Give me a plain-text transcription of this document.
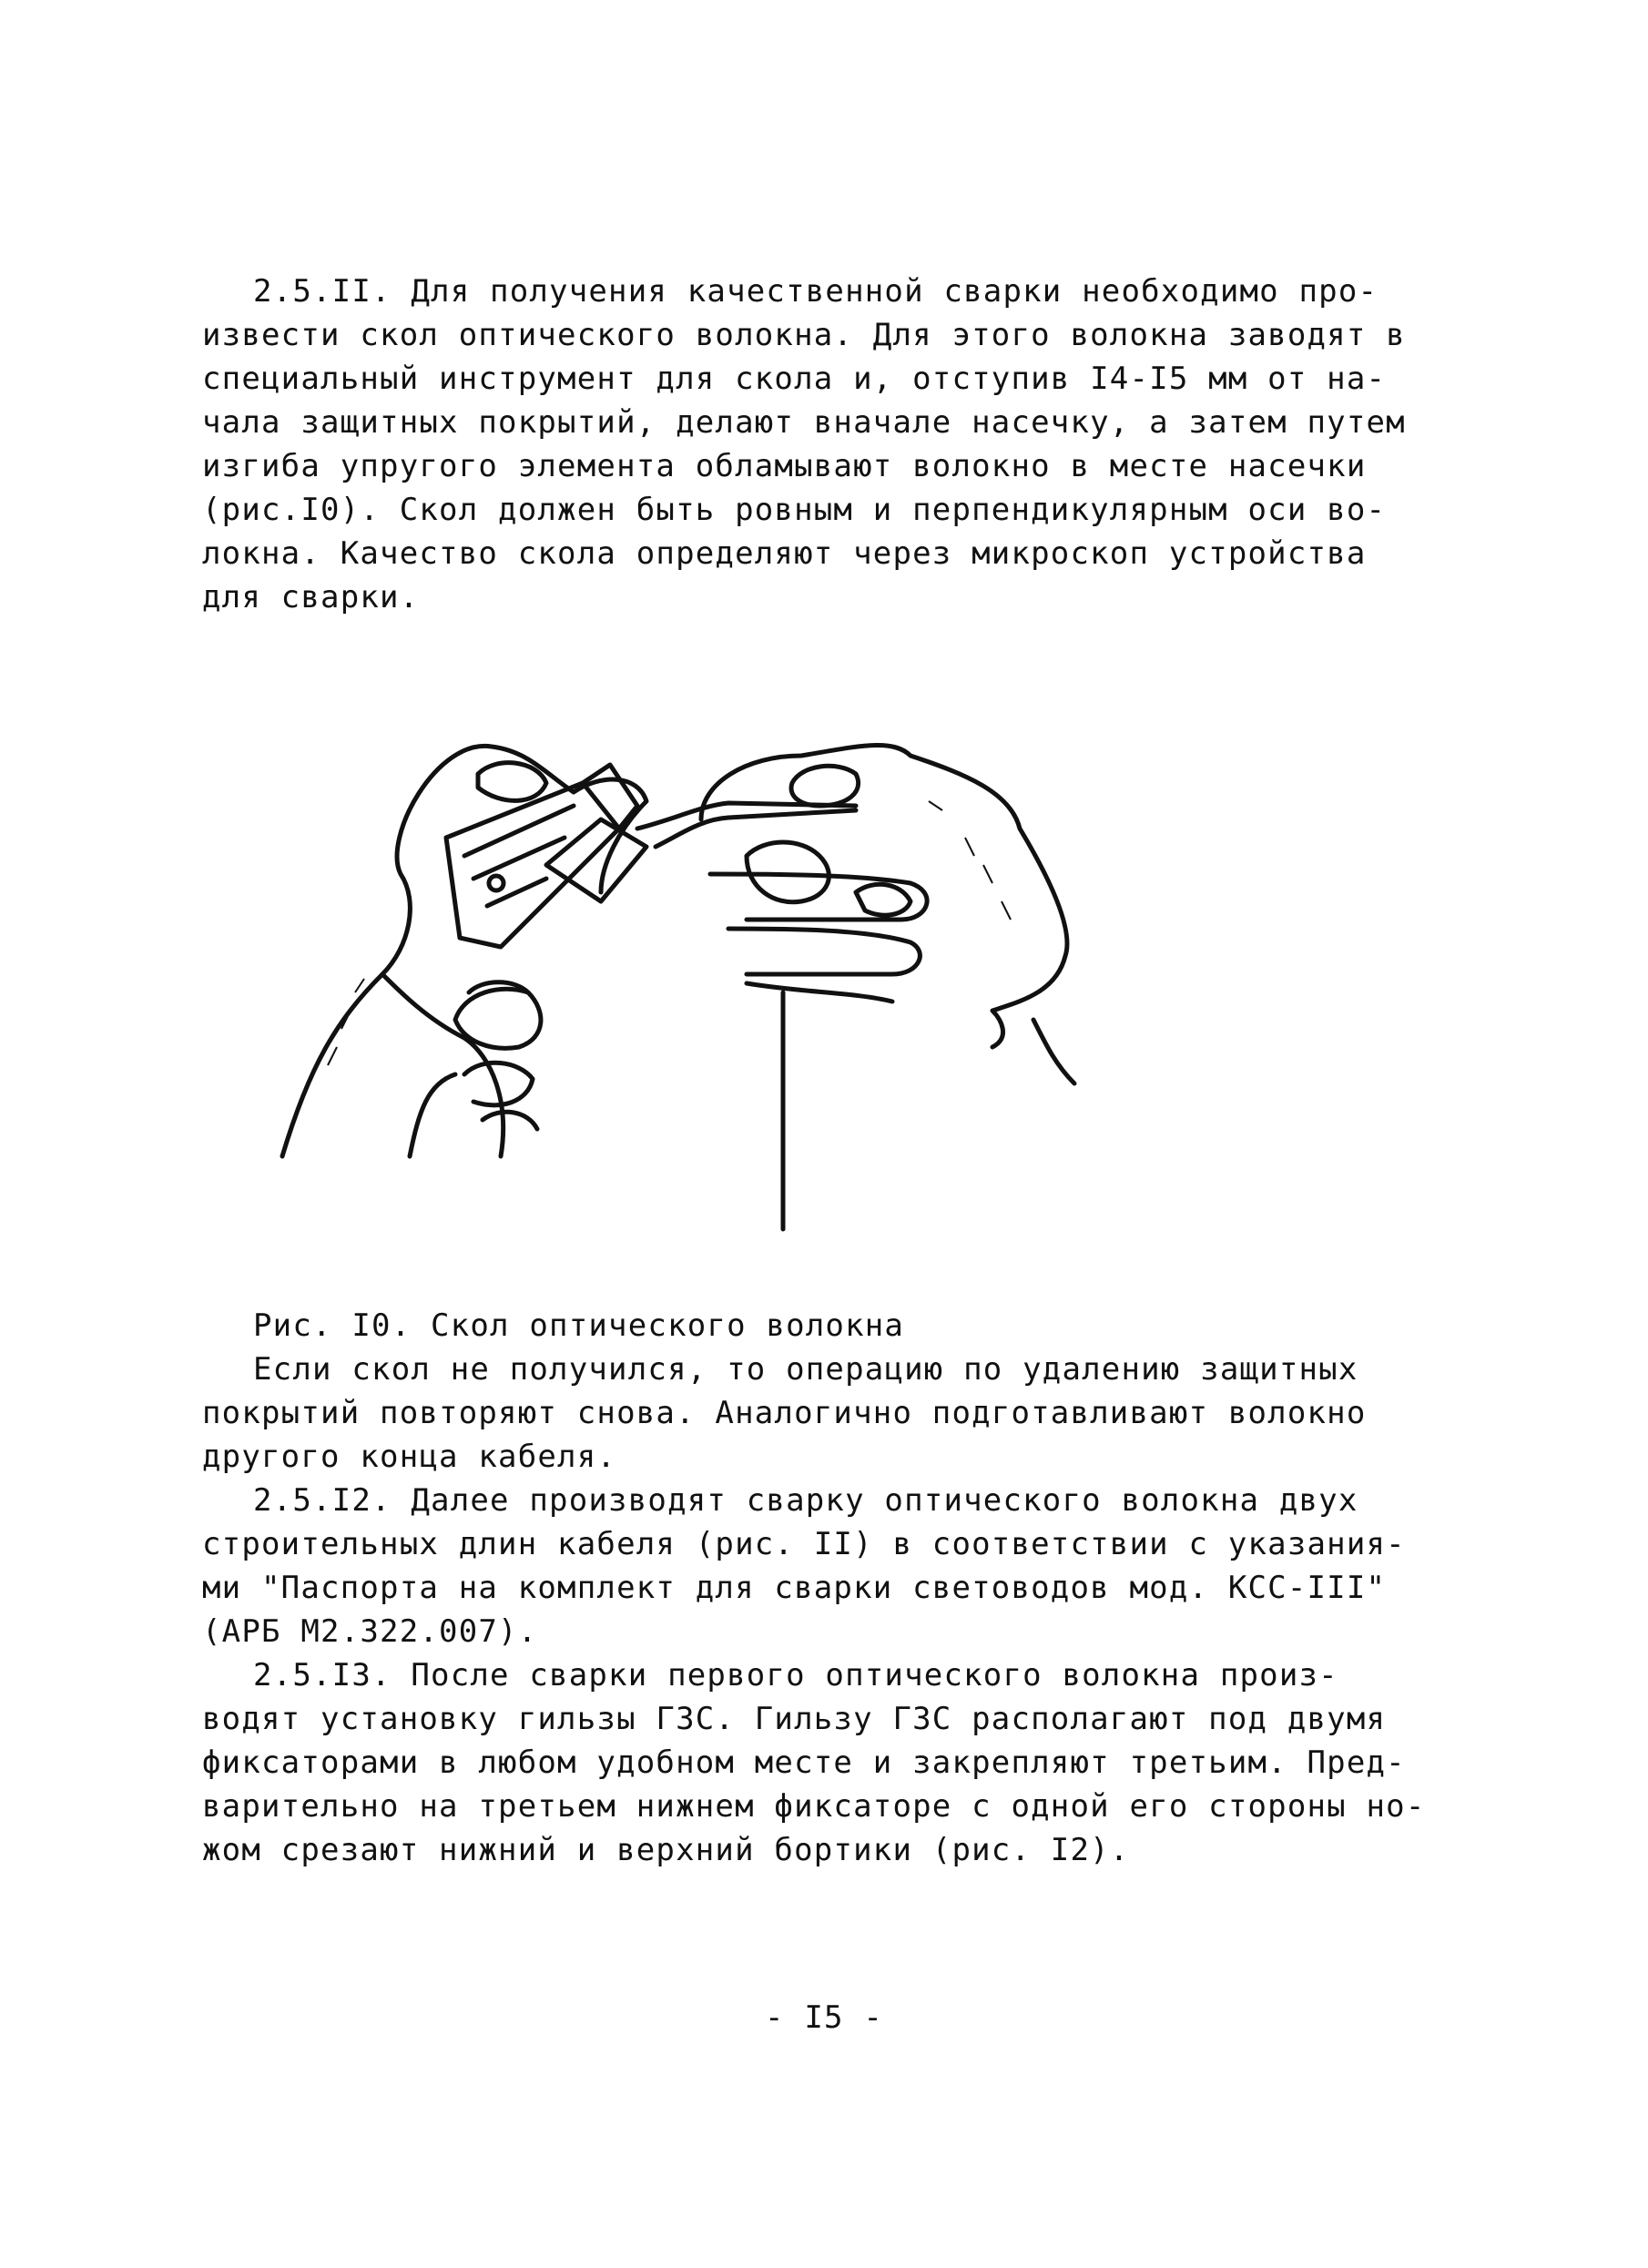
2.5.II. Для получения качественной сварки необходимо про-
извести скол оптического волокна. Для этого волокна заводят в
специальный инструмент для скола и, отступив I4-I5 мм от на-
чала защитных покрытий, делают вначале насечку, а затем путем
изгиба упругого элемента обламывают волокно в месте насечки
(рис.I0). Скол должен быть ровным и перпендикулярным оси во-
локна. Качество скола определяют через микроскоп устройства
для сварки.
Рис. I0. Скол оптического волокна
Если скол не получился, то операцию по удалению защитных
покрытий повторяют снова. Аналогично подготавливают волокно
другого конца кабеля.
2.5.I2. Далее производят сварку оптического волокна двух
строительных длин кабеля (рис. II) в соответствии с указания-
ми "Паспорта на комплект для сварки световодов мод. КСС-III"
(АРБ М2.322.007).
2.5.I3. После сварки первого оптического волокна произ-
водят установку гильзы ГЗС. Гильзу ГЗС располагают под двумя
фиксаторами в любом удобном месте и закрепляют третьим. Пред-
варительно на третьем нижнем фиксаторе с одной его стороны но-
жом срезают нижний и верхний бортики (рис. I2).
- I5 -
